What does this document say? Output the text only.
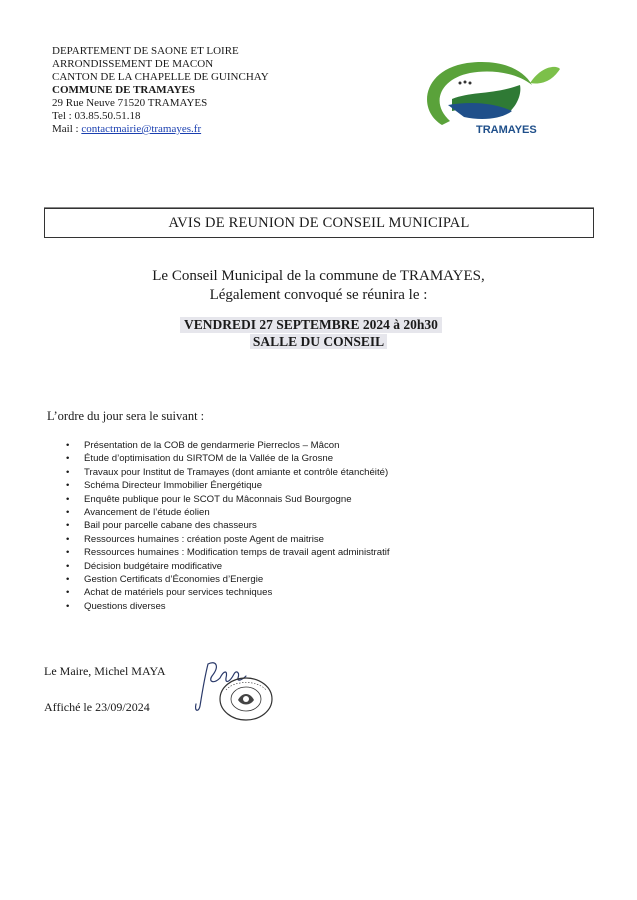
DEPARTEMENT DE SAONE ET LOIRE
ARRONDISSEMENT DE MACON
CANTON DE LA CHAPELLE DE GUINCHAY
COMMUNE DE TRAMAYES
29 Rue Neuve 71520 TRAMAYES
Tel : 03.85.50.51.18
Mail : contactmairie@tramayes.fr	TRAMAYES
AVIS DE REUNION DE CONSEIL MUNICIPAL
Le Conseil Municipal de la commune de TRAMAYES,
Légalement convoqué se réunira le :
VENDREDI 27 SEPTEMBRE 2024 à 20h30
SALLE DU CONSEIL
L’ordre du jour sera le suivant :
• Présentation de la COB de gendarmerie Pierreclos – Mâcon
• Étude d’optimisation du SIRTOM de la Vallée de la Grosne
• Travaux pour Institut de Tramayes (dont amiante et contrôle étanchéité)
• Schéma Directeur Immobilier Énergétique
• Enquête publique pour le SCOT du Mâconnais Sud Bourgogne
• Avancement de l’étude éolien
• Bail pour parcelle cabane des chasseurs
• Ressources humaines : création poste Agent de maitrise
• Ressources humaines : Modification temps de travail agent administratif
• Décision budgétaire modificative
• Gestion Certificats d’Économies d’Energie
• Achat de matériels pour services techniques
• Questions diverses
Le Maire, Michel MAYA
Affiché le 23/09/2024
